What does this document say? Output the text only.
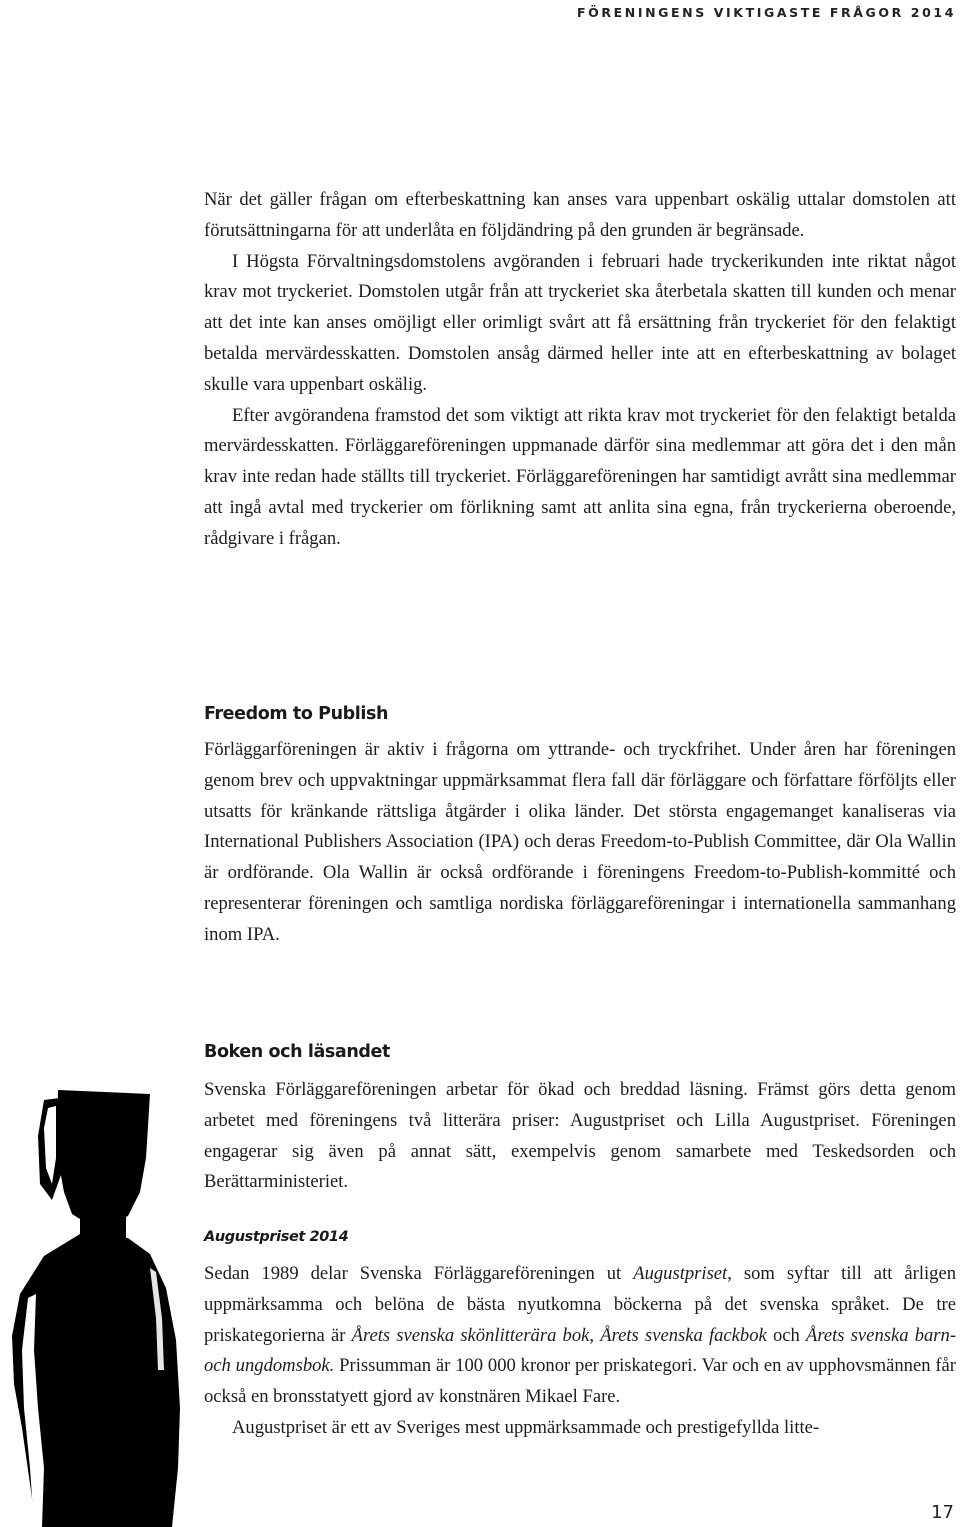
FÖRENINGENS VIKTIGASTE FRÅGOR 2014

När det gäller frågan om efterbeskattning kan anses vara uppenbart oskälig uttalar domstolen att förutsättningarna för att underlåta en följdändring på den grunden är begränsade.

I Högsta Förvaltningsdomstolens avgöranden i februari hade tryckerikunden inte riktat något krav mot tryckeriet. Domstolen utgår från att tryckeriet ska återbetala skatten till kunden och menar att det inte kan anses omöjligt eller orimligt svårt att få ersättning från tryckeriet för den felaktigt betalda mervärdesskatten. Domstolen ansåg därmed heller inte att en efterbeskattning av bolaget skulle vara uppenbart oskälig.

Efter avgörandena framstod det som viktigt att rikta krav mot tryckeriet för den felaktigt betalda mervärdesskatten. Förläggareföreningen uppmanade därför sina medlemmar att göra det i den mån krav inte redan hade ställts till tryckeriet. Förläggareföreningen har samtidigt avrått sina medlemmar att ingå avtal med tryckerier om förlikning samt att anlita sina egna, från tryckerierna oberoende, rådgivare i frågan.

Freedom to Publish

Förläggarföreningen är aktiv i frågorna om yttrande- och tryckfrihet. Under åren har föreningen genom brev och uppvaktningar uppmärksammat flera fall där förläggare och författare förföljts eller utsatts för kränkande rättsliga åtgärder i olika länder. Det största engagemanget kanaliseras via International Publishers Association (IPA) och deras Freedom-to-Publish Committee, där Ola Wallin är ordförande. Ola Wallin är också ordförande i föreningens Freedom-to-Publish-kommitté och representerar föreningen och samtliga nordiska förläggareföreningar i internationella sammanhang inom IPA.

Boken och läsandet

Svenska Förläggareföreningen arbetar för ökad och breddad läsning. Främst görs detta genom arbetet med föreningens två litterära priser: Augustpriset och Lilla Augustpriset. Föreningen engagerar sig även på annat sätt, exempelvis genom samarbete med Teskedsorden och Berättarministeriet.

Augustpriset 2014

Sedan 1989 delar Svenska Förläggareföreningen ut Augustpriset, som syftar till att årligen uppmärksamma och belöna de bästa nyutkomna böckerna på det svenska språket. De tre priskategorierna är Årets svenska skönlitterära bok, Årets svenska fackbok och Årets svenska barn- och ungdomsbok. Prissumman är 100 000 kronor per priskategori. Var och en av upphovsmännen får också en bronsstatyett gjord av konstnären Mikael Fare.

Augustpriset är ett av Sveriges mest uppmärksammade och prestigefyllda litte-

17
